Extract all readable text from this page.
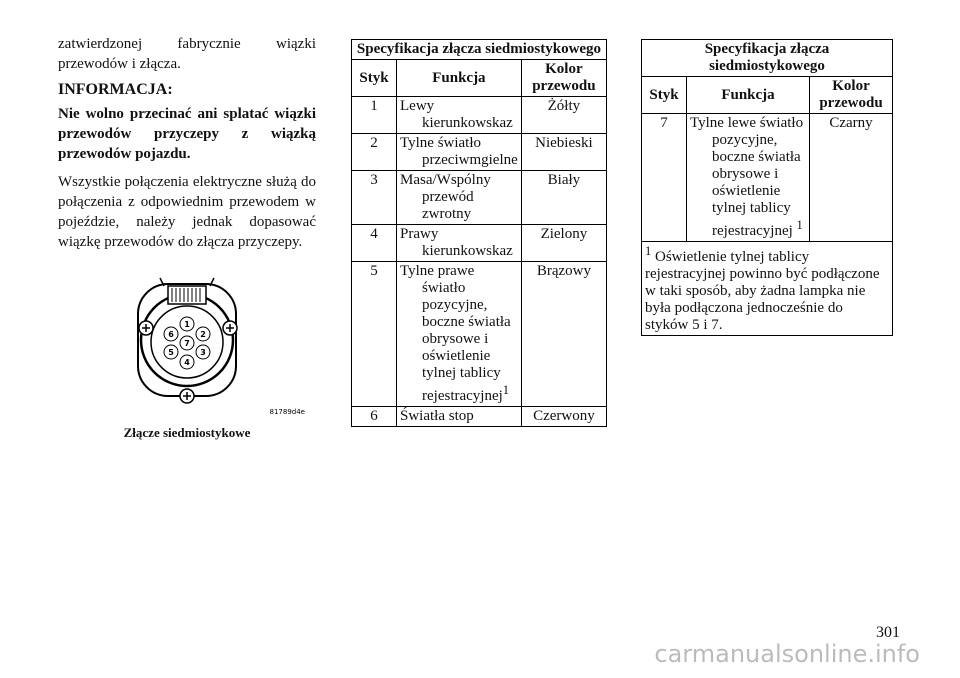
zatwierdzonej fabrycznie wiązki przewodów i złącza.

INFORMACJA:

Nie wolno przecinać ani splatać wiązki przewodów przyczepy z wiązką przewodów pojazdu.

Wszystkie połączenia elektryczne służą do połączenia z odpowiednim przewodem w pojeździe, należy jednak dopasować wiązkę przewodów do złącza przyczepy.

1
2
3
4
5
6
7
81789d4e
Złącze siedmiostykowe
Specyfikacja złącza siedmiostykowego		
Styk	Funkcja	Kolor przewodu
1	Lewy kierunkowskaz	Żółty
2	Tylne światło przeciwmgielne	Niebieski
3	Masa/Wspólny przewód zwrotny	Biały
4	Prawy kierunkowskaz	Zielony
5	Tylne prawe światło pozycyjne, boczne światła obrysowe i oświetlenie tylnej tablicy rejestracyjnej$^1$	Brązowy
6	Światła stop	Czerwony
Specyfikacja złącza siedmiostykowego		
Styk	Funkcja	Kolor przewodu
7	Tylne lewe światło pozycyjne, boczne światła obrysowe i oświetlenie tylnej tablicy rejestracyjnej $^1$	Czarny
$^1$ Oświetlenie tylnej tablicy rejestracyjnej powinno być podłączone w taki sposób, aby żadna lampka nie była podłączona jednocześnie do styków 5 i 7.		
301
carmanualsonline.info
